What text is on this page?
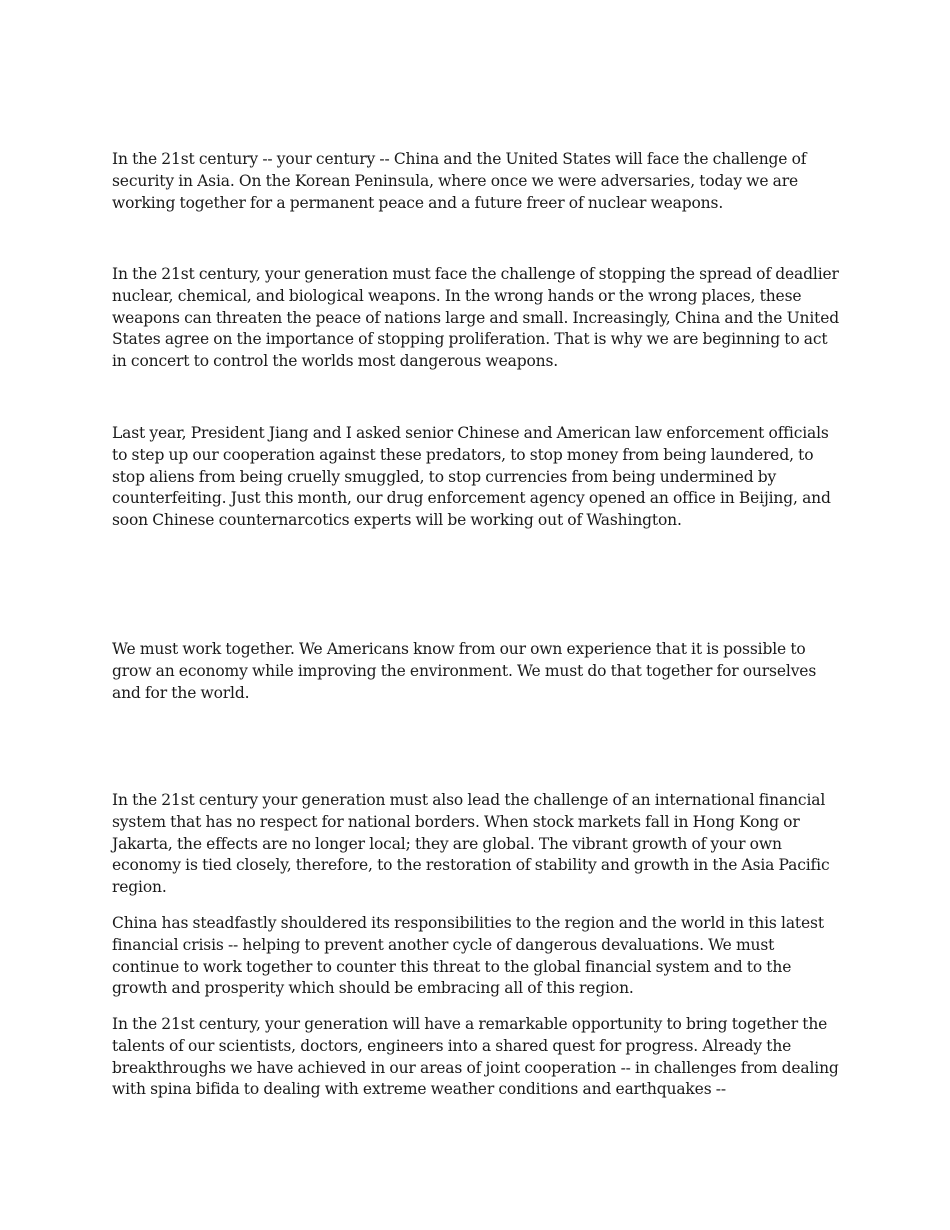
In the 21st century -- your century -- China and the United States will face the challenge of security in Asia. On the Korean Peninsula, where once we were adversaries, today we are working together for a permanent peace and a future freer of nuclear weapons.

In the 21st century, your generation must face the challenge of stopping the spread of deadlier nuclear, chemical, and biological weapons. In the wrong hands or the wrong places, these weapons can threaten the peace of nations large and small. Increasingly, China and the United States agree on the importance of stopping proliferation. That is why we are beginning to act in concert to control the worlds most dangerous weapons.

Last year, President Jiang and I asked senior Chinese and American law enforcement officials to step up our cooperation against these predators, to stop money from being laundered, to stop aliens from being cruelly smuggled, to stop currencies from being undermined by counterfeiting. Just this month, our drug enforcement agency opened an office in Beijing, and soon Chinese counternarcotics experts will be working out of Washington.

We must work together. We Americans know from our own experience that it is possible to grow an economy while improving the environment. We must do that together for ourselves and for the world.

In the 21st century your generation must also lead the challenge of an international financial system that has no respect for national borders. When stock markets fall in Hong Kong or Jakarta, the effects are no longer local; they are global. The vibrant growth of your own economy is tied closely, therefore, to the restoration of stability and growth in the Asia Pacific region.

China has steadfastly shouldered its responsibilities to the region and the world in this latest financial crisis -- helping to prevent another cycle of dangerous devaluations. We must continue to work together to counter this threat to the global financial system and to the growth and prosperity which should be embracing all of this region.

In the 21st century, your generation will have a remarkable opportunity to bring together the talents of our scientists, doctors, engineers into a shared quest for progress. Already the breakthroughs we have achieved in our areas of joint cooperation -- in challenges from dealing with spina bifida to dealing with extreme weather conditions and earthquakes --
